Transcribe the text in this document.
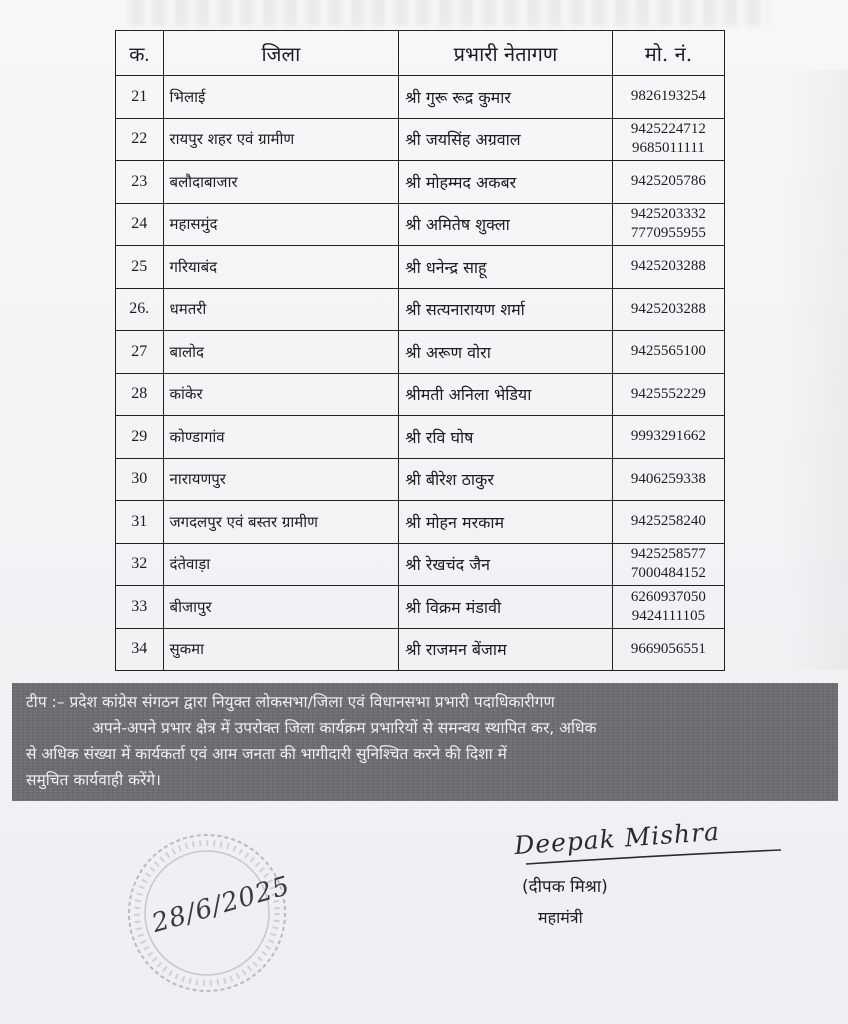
क.	जिला	प्रभारी नेतागण	मो. नं.
21	भिलाई	श्री गुरू रूद्र कुमार	9826193254

22	रायपुर शहर एवं ग्रामीण	श्री जयसिंह अग्रवाल	9425224712
9685011111

23	बलौदाबाजार	श्री मोहम्मद अकबर	9425205786

24	महासमुंद	श्री अमितेष शुक्ला	9425203332
7770955955

25	गरियाबंद	श्री धनेन्द्र साहू	9425203288

26.	धमतरी	श्री सत्यनारायण शर्मा	9425203288

27	बालोद	श्री अरूण वोरा	9425565100

28	कांकेर	श्रीमती अनिला भेडिया	9425552229

29	कोण्डागांव	श्री रवि घोष	9993291662

30	नारायणपुर	श्री बीरेश ठाकुर	9406259338

31	जगदलपुर एवं बस्तर ग्रामीण	श्री मोहन मरकाम	9425258240

32	दंतेवाड़ा	श्री रेखचंद जैन	9425258577
7000484152

33	बीजापुर	श्री विक्रम मंडावी	6260937050
9424111105

34	सुकमा	श्री राजमन बेंजाम	9669056551

टीप :– प्रदेश कांग्रेस संगठन द्वारा नियुक्त लोकसभा/जिला एवं विधानसभा प्रभारी पदाधिकारीगण

अपने-अपने प्रभार क्षेत्र में उपरोक्त जिला कार्यक्रम प्रभारियों से समन्वय स्थापित कर, अधिक

से अधिक संख्या में कार्यकर्ता एवं आम जनता की भागीदारी सुनिश्चित करने की दिशा में

समुचित कार्यवाही करेंगे।

28/6/2025
Deepak Mishra
(दीपक मिश्रा)
महामंत्री
